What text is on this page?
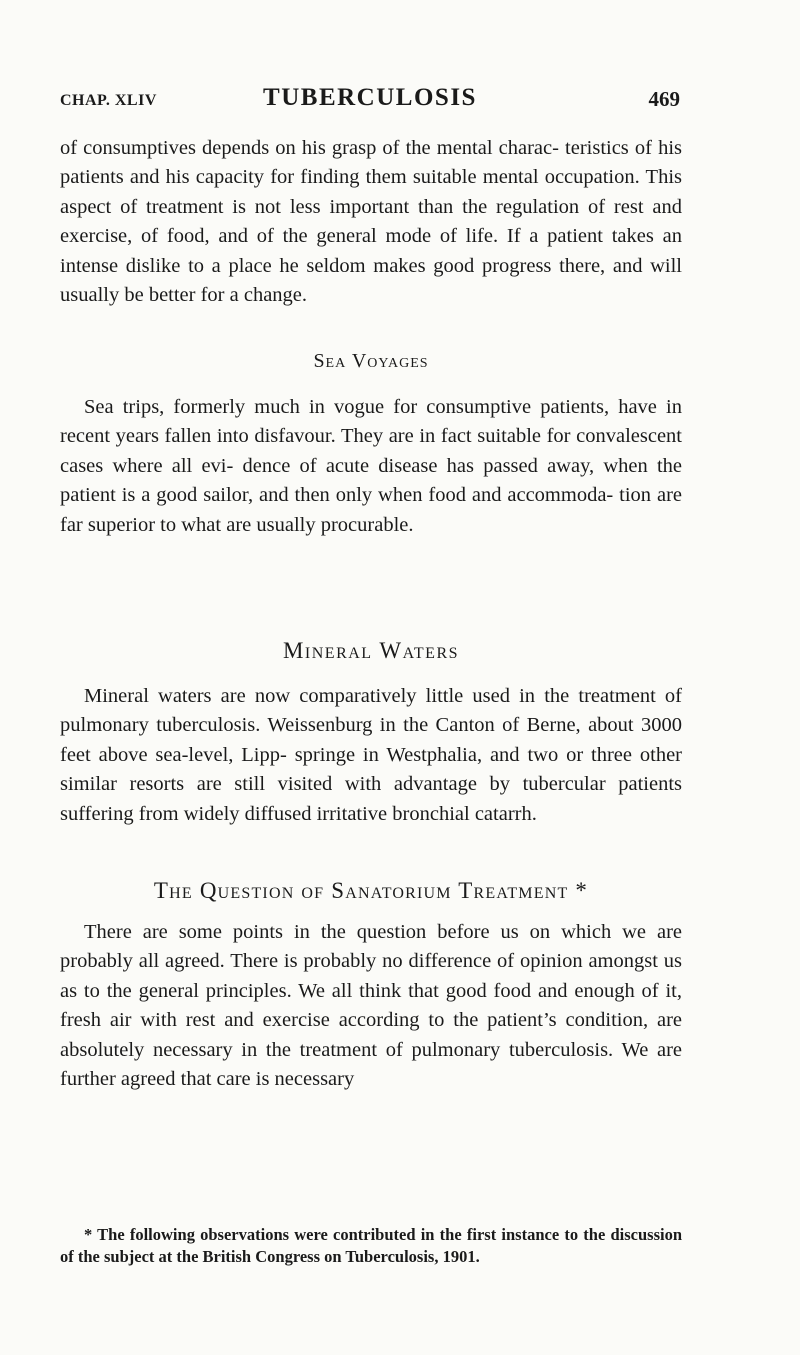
CHAP. XLIV	TUBERCULOSIS	469

of consumptives depends on his grasp of the mental charac- teristics of his patients and his capacity for finding them suitable mental occupation. This aspect of treatment is not less important than the regulation of rest and exercise, of food, and of the general mode of life. If a patient takes an intense dislike to a place he seldom makes good progress there, and will usually be better for a change.

Sea Voyages

Sea trips, formerly much in vogue for consumptive patients, have in recent years fallen into disfavour. They are in fact suitable for convalescent cases where all evi- dence of acute disease has passed away, when the patient is a good sailor, and then only when food and accommoda- tion are far superior to what are usually procurable.

Mineral Waters

Mineral waters are now comparatively little used in the treatment of pulmonary tuberculosis. Weissenburg in the Canton of Berne, about 3000 feet above sea-level, Lipp- springe in Westphalia, and two or three other similar resorts are still visited with advantage by tubercular patients suffering from widely diffused irritative bronchial catarrh.

The Question of Sanatorium Treatment *

There are some points in the question before us on which we are probably all agreed. There is probably no difference of opinion amongst us as to the general principles. We all think that good food and enough of it, fresh air with rest and exercise according to the patient’s condition, are absolutely necessary in the treatment of pulmonary tuberculosis. We are further agreed that care is necessary

* The following observations were contributed in the first instance to the discussion of the subject at the British Congress on Tuberculosis, 1901.
